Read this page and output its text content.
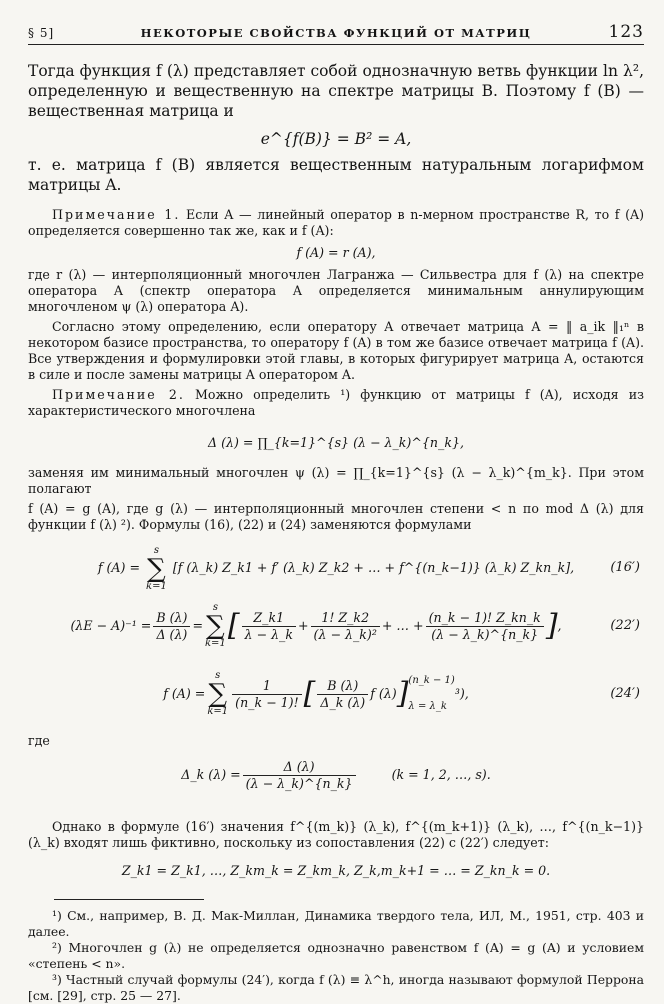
§ 5]	НЕКОТОРЫЕ СВОЙСТВА ФУНКЦИЙ ОТ МАТРИЦ	123

Тогда функция f (λ) представляет собой однозначную ветвь функции ln λ², определенную и вещественную на спектре матрицы B. Поэтому f (B) — вещественная матрица и

e^{f(B)} = B² = A,

т. е. матрица f (B) является вещественным натуральным логарифмом матрицы A.

Примечание 1. Если A — линейный оператор в n-мерном пространстве R, то f (A) определяется совершенно так же, как и f (A):

f (A) = r (A),

где r (λ) — интерполяционный многочлен Лагранжа — Сильвестра для f (λ) на спектре оператора A (спектр оператора A определяется минимальным аннулирующим многочленом ψ (λ) оператора A).

Согласно этому определению, если оператору A отвечает матрица A = ‖ a_ik ‖₁ⁿ в некотором базисе пространства, то оператору f (A) в том же базисе отвечает матрица f (A). Все утверждения и формулировки этой главы, в которых фигурирует матрица A, остаются в силе и после замены матрицы A оператором A.

Примечание 2. Можно определить ¹) функцию от матрицы f (A), исходя из характеристического многочлена

Δ (λ) = ∏_{k=1}^{s} (λ − λ_k)^{n_k},

заменяя им минимальный многочлен ψ (λ) = ∏_{k=1}^{s} (λ − λ_k)^{m_k}. При этом полагают

f (A) = g (A), где g (λ) — интерполяционный многочлен степени < n по mod Δ (λ) для функции f (λ) ²). Формулы (16), (22) и (24) заменяются формулами

f (A) =
s
∑
k=1
[f (λ_k) Z_k1 + f′ (λ_k) Z_k2 + … + f^{(n_k−1)} (λ_k) Z_kn_k],	(16′)
$(\lambda E - A)^{-1} = \frac{B (\lambda)}{\Delta (\lambda)}$ =
s
∑
k=1
[ $\frac{Z\_k1}{\lambda - \lambda\_k} + \frac{1! Z\_k2}{\text{(λ − λ\_k)²}}$ + … + $\frac{(n\_k - 1)! Z\_kn\_k}{(\lambda - \lambda\_k)\^{}\{n\_k\}}$ ] ,	(22′)
f (A) =
s
∑
k=1
$\frac{1}{(n\_k - 1)!}$ [ $\frac{B (\lambda)}{\Delta\_k (\lambda)}$ f (λ) ] (n_k − 1)
λ = λ_k
³),	(24′)

где

Δ_k $(\lambda) = \frac{\Delta (\lambda)}{(\lambda - \lambda\_k)\^{}\{n\_k\}}$	(k = 1, 2, …, s).

Однако в формуле (16′) значения f^{(m_k)} (λ_k), f^{(m_k+1)} (λ_k), …, f^{(n_k−1)} (λ_k) входят лишь фиктивно, поскольку из сопоставления (22) с (22′) следует:

Z_k1 = Z_k1, …, Z_km_k = Z_km_k, Z_k,m_k+1 = … = Z_kn_k = 0.

¹) См., например, В. Д. Мак-Миллан, Динамика твердого тела, ИЛ, М., 1951, стр. 403 и далее.

²) Многочлен g (λ) не определяется однозначно равенством f (A) = g (A) и условием «степень < n».

³) Частный случай формулы (24′), когда f (λ) ≡ λ^h, иногда называют формулой Перрона [см. [29], стр. 25 — 27].
